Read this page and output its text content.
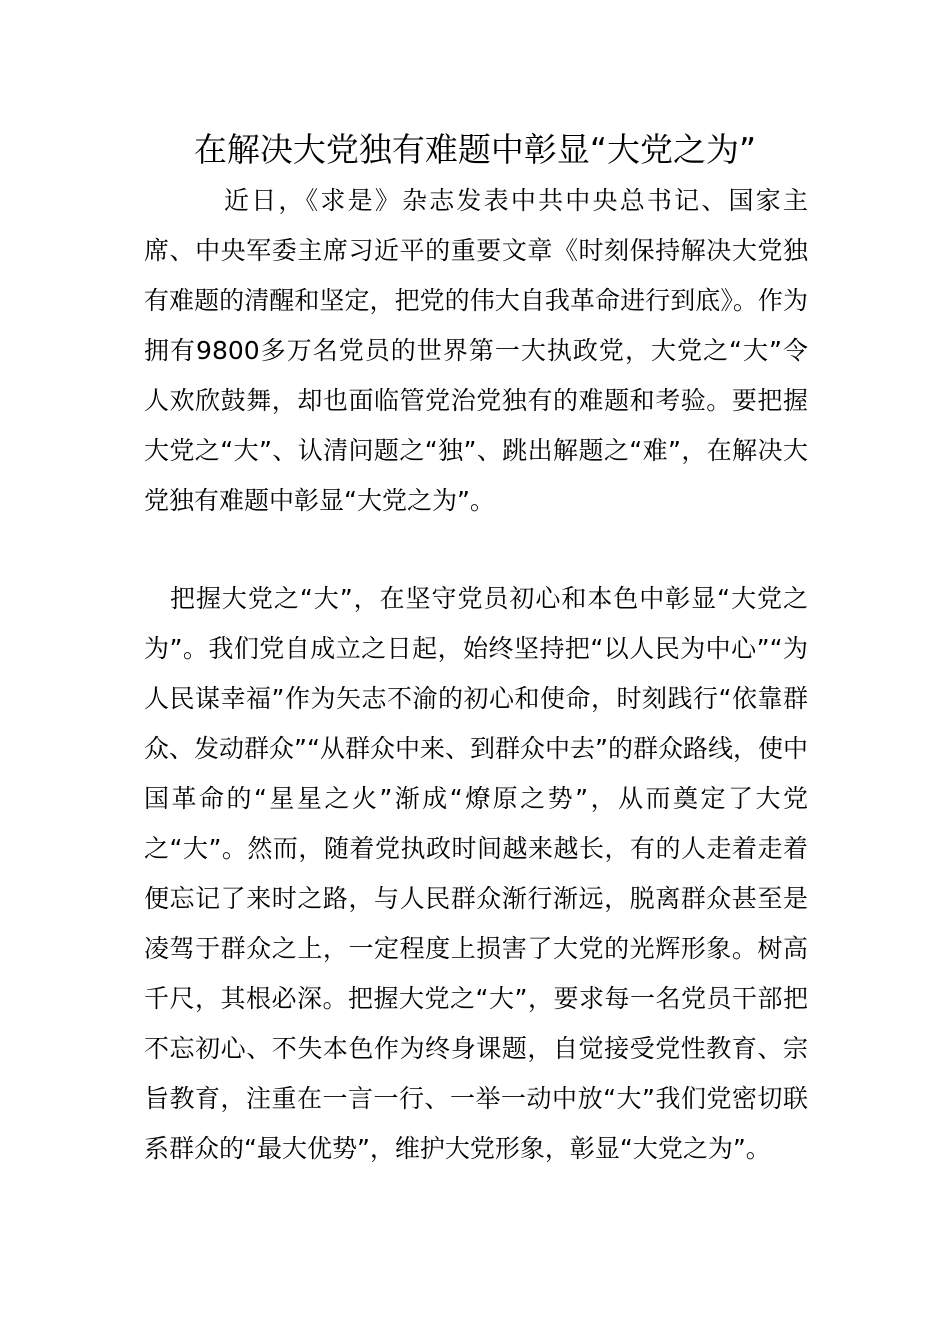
在解决大党独有难题中彰显“大党之为”

近日，《求是》杂志发表中共中央总书记、国家主席、中央军委主席习近平的重要文章《时刻保持解决大党独有难题的清醒和坚定，把党的伟大自我革命进行到底》。作为拥有9800多万名党员的世界第一大执政党，大党之“大”令人欢欣鼓舞，却也面临管党治党独有的难题和考验。要把握大党之“大”、认清问题之“独”、跳出解题之“难”，在解决大党独有难题中彰显“大党之为”。

把握大党之“大”，在坚守党员初心和本色中彰显“大党之为”。我们党自成立之日起，始终坚持把“以人民为中心”“为人民谋幸福”作为矢志不渝的初心和使命，时刻践行“依靠群众、发动群众”“从群众中来、到群众中去”的群众路线，使中国革命的“星星之火”渐成“燎原之势”，从而奠定了大党之“大”。然而，随着党执政时间越来越长，有的人走着走着便忘记了来时之路，与人民群众渐行渐远，脱离群众甚至是凌驾于群众之上，一定程度上损害了大党的光辉形象。树高千尺，其根必深。把握大党之“大”，要求每一名党员干部把不忘初心、不失本色作为终身课题，自觉接受党性教育、宗旨教育，注重在一言一行、一举一动中放“大”我们党密切联系群众的“最大优势”，维护大党形象，彰显“大党之为”。
